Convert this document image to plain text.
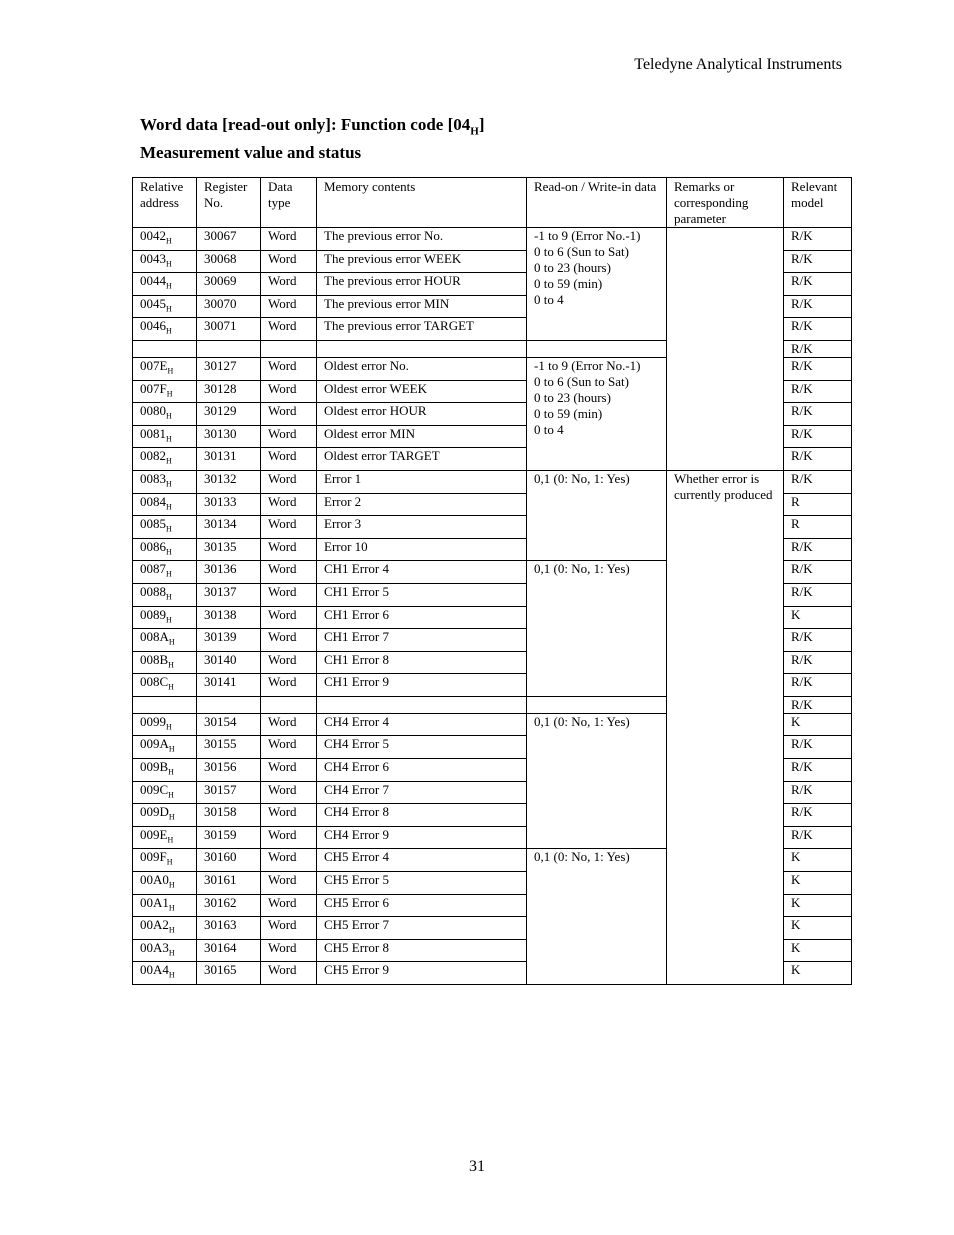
Teledyne Analytical Instruments
Word data [read-out only]: Function code $[04_H]$
Measurement value and status
Relative address	Register No.	Data type	Memory contents	Read-on / Write-in data	Remarks or corresponding parameter	Relevant model
$0042_H$	30067	Word	The previous error No.	-1 to 9 (Error No.-1)
0 to 6 (Sun to Sat)
0 to 23 (hours)
0 to 59 (min)
0 to 4		R/K
$0043_H$	30068	Word	The previous error WEEK			R/K
$0044_H$	30069	Word	The previous error HOUR			R/K
$0045_H$	30070	Word	The previous error MIN			R/K
$0046_H$	30071	Word	The previous error TARGET			R/K
						R/K
$007E_H$	30127	Word	Oldest error No.	-1 to 9 (Error No.-1)
0 to 6 (Sun to Sat)
0 to 23 (hours)
0 to 59 (min)
0 to 4		R/K
$007F_H$	30128	Word	Oldest error WEEK			R/K
$0080_H$	30129	Word	Oldest error HOUR			R/K
$0081_H$	30130	Word	Oldest error MIN			R/K
$0082_H$	30131	Word	Oldest error TARGET			R/K
$0083_H$	30132	Word	Error 1	0,1 (0: No, 1: Yes)	Whether error is currently produced	R/K
$0084_H$	30133	Word	Error 2			R
$0085_H$	30134	Word	Error 3			R
$0086_H$	30135	Word	Error 10			R/K
$0087_H$	30136	Word	CH1 Error 4	0,1 (0: No, 1: Yes)		R/K
$0088_H$	30137	Word	CH1 Error 5			R/K
$0089_H$	30138	Word	CH1 Error 6			K
$008A_H$	30139	Word	CH1 Error 7			R/K
$008B_H$	30140	Word	CH1 Error 8			R/K
$008C_H$	30141	Word	CH1 Error 9			R/K
						R/K
$0099_H$	30154	Word	CH4 Error 4	0,1 (0: No, 1: Yes)		K
$009A_H$	30155	Word	CH4 Error 5			R/K
$009B_H$	30156	Word	CH4 Error 6			R/K
$009C_H$	30157	Word	CH4 Error 7			R/K
$009D_H$	30158	Word	CH4 Error 8			R/K
$009E_H$	30159	Word	CH4 Error 9			R/K
$009F_H$	30160	Word	CH5 Error 4	0,1 (0: No, 1: Yes)		K
$00A0_H$	30161	Word	CH5 Error 5			K
$00A1_H$	30162	Word	CH5 Error 6			K
$00A2_H$	30163	Word	CH5 Error 7			K
$00A3_H$	30164	Word	CH5 Error 8			K
$00A4_H$	30165	Word	CH5 Error 9			K
31
